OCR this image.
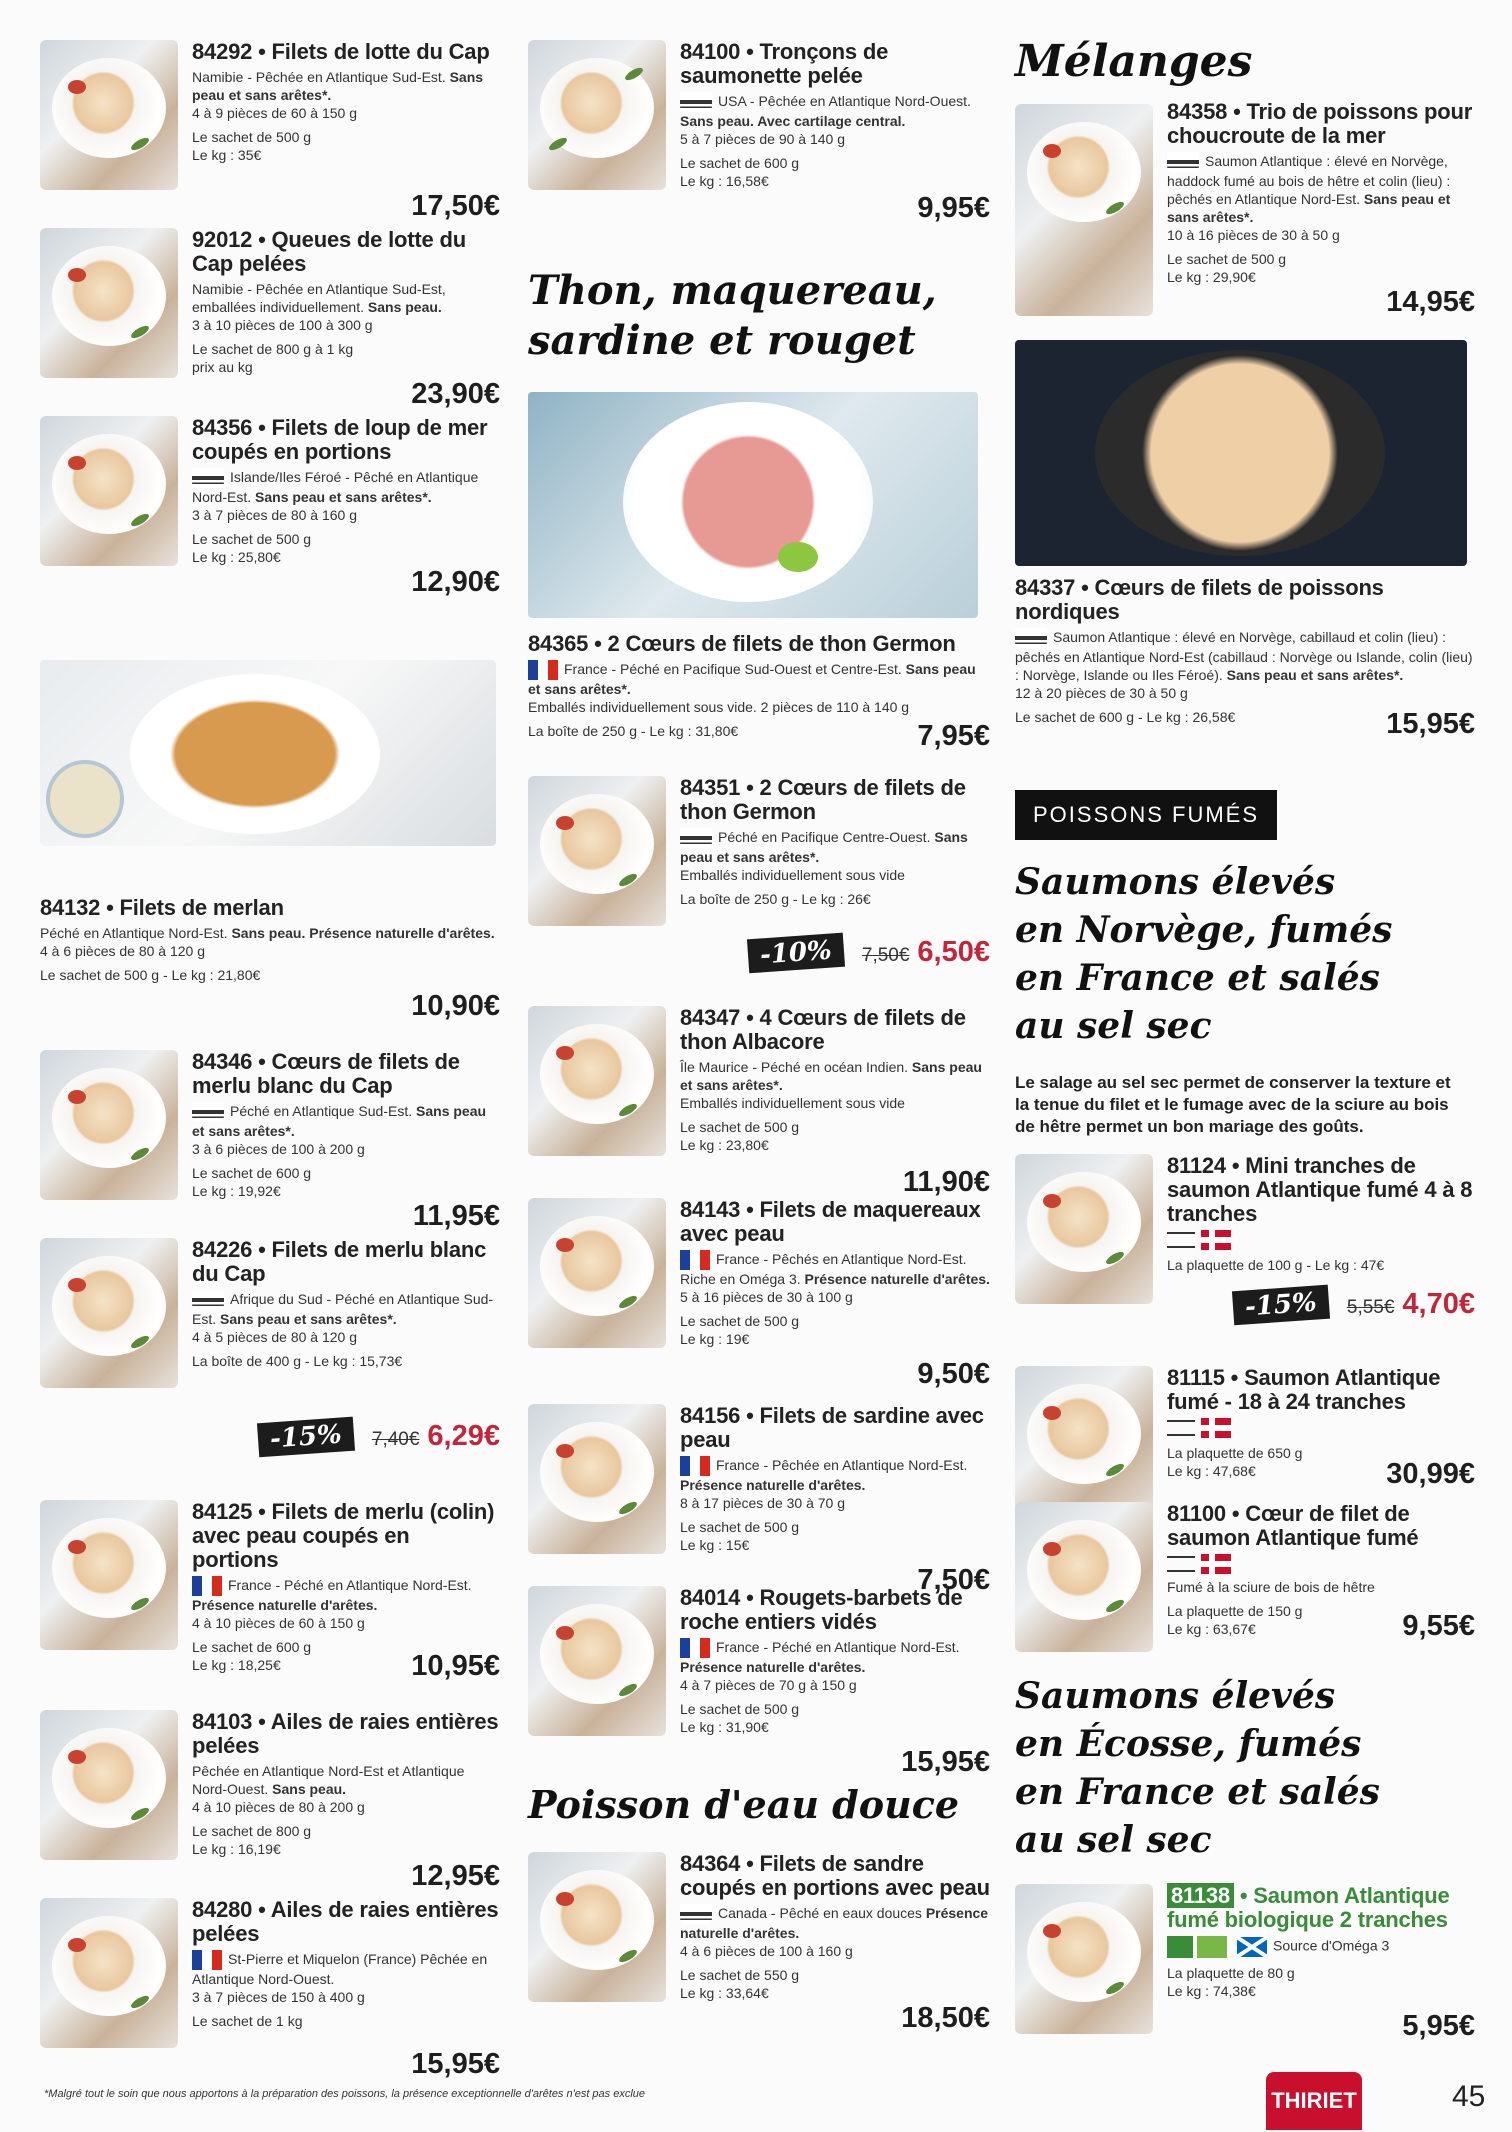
84292 • Filets de lotte du Cap
Namibie - Pêchée en Atlantique Sud-Est. Sans peau et sans arêtes*.
4 à 9 pièces de 60 à 150 g
Le sachet de 500 g
Le kg : 35€
17,50€
92012 • Queues de lotte du Cap pelées
Namibie - Pêchée en Atlantique Sud-Est, emballées individuellement. Sans peau.
3 à 10 pièces de 100 à 300 g
Le sachet de 800 g à 1 kg
prix au kg
23,90€
84356 • Filets de loup de mer coupés en portions
Islande/Iles Féroé - Pêché en Atlantique Nord-Est. Sans peau et sans arêtes*.
3 à 7 pièces de 80 à 160 g
Le sachet de 500 g
Le kg : 25,80€
12,90€
84346 • Cœurs de filets de merlu blanc du Cap
Péché en Atlantique Sud-Est. Sans peau et sans arêtes*.
3 à 6 pièces de 100 à 200 g
Le sachet de 600 g
Le kg : 19,92€
11,95€
84226 • Filets de merlu blanc du Cap
Afrique du Sud - Péché en Atlantique Sud-Est. Sans peau et sans arêtes*.
4 à 5 pièces de 80 à 120 g
La boîte de 400 g - Le kg : 15,73€
-15% 7,40€ 6,29€
84125 • Filets de merlu (colin) avec peau coupés en portions
France - Péché en Atlantique Nord-Est. Présence naturelle d'arêtes.
4 à 10 pièces de 60 à 150 g
Le sachet de 600 g
Le kg : 18,25€	10,95€
84103 • Ailes de raies entières pelées
Pêchée en Atlantique Nord-Est et Atlantique Nord-Ouest. Sans peau.
4 à 10 pièces de 80 à 200 g
Le sachet de 800 g
Le kg : 16,19€
12,95€
84280 • Ailes de raies entières pelées
St-Pierre et Miquelon (France) Pêchée en Atlantique Nord-Ouest.
3 à 7 pièces de 150 à 400 g
Le sachet de 1 kg
15,95€
84132 • Filets de merlan
Péché en Atlantique Nord-Est. Sans peau. Présence naturelle d'arêtes.
4 à 6 pièces de 80 à 120 g
Le sachet de 500 g - Le kg : 21,80€
10,90€
84100 • Tronçons de saumonette pelée
USA - Pêchée en Atlantique Nord-Ouest. Sans peau. Avec cartilage central.
5 à 7 pièces de 90 à 140 g
Le sachet de 600 g
Le kg : 16,58€
9,95€
Thon, maquereau, sardine et rouget
84365 • 2 Cœurs de filets de thon Germon
France - Péché en Pacifique Sud-Ouest et Centre-Est. Sans peau et sans arêtes*.
Emballés individuellement sous vide. 2 pièces de 110 à 140 g
La boîte de 250 g - Le kg : 31,80€	7,95€
84351 • 2 Cœurs de filets de thon Germon
Péché en Pacifique Centre-Ouest. Sans peau et sans arêtes*.
Emballés individuellement sous vide
La boîte de 250 g - Le kg : 26€
-10% 7,50€ 6,50€
84347 • 4 Cœurs de filets de thon Albacore
Île Maurice - Péché en océan Indien. Sans peau et sans arêtes*.
Emballés individuellement sous vide
Le sachet de 500 g
Le kg : 23,80€
11,90€
84143 • Filets de maquereaux avec peau
France - Pêchés en Atlantique Nord-Est. Riche en Oméga 3. Présence naturelle d'arêtes.
5 à 16 pièces de 30 à 100 g
Le sachet de 500 g
Le kg : 19€
9,50€
84156 • Filets de sardine avec peau
France - Pêchée en Atlantique Nord-Est. Présence naturelle d'arêtes.
8 à 17 pièces de 30 à 70 g
Le sachet de 500 g
Le kg : 15€
7,50€
84014 • Rougets-barbets de roche entiers vidés
France - Péché en Atlantique Nord-Est. Présence naturelle d'arêtes.
4 à 7 pièces de 70 g à 150 g
Le sachet de 500 g
Le kg : 31,90€
15,95€
Poisson d'eau douce
84364 • Filets de sandre coupés en portions avec peau
Canada - Pêché en eaux douces Présence naturelle d'arêtes.
4 à 6 pièces de 100 à 160 g
Le sachet de 550 g
Le kg : 33,64€
18,50€
Mélanges
84358 • Trio de poissons pour choucroute de la mer
Saumon Atlantique : élevé en Norvège, haddock fumé au bois de hêtre et colin (lieu) : pêchés en Atlantique Nord-Est. Sans peau et sans arêtes*.
10 à 16 pièces de 30 à 50 g
Le sachet de 500 g
Le kg : 29,90€
14,95€
84337 • Cœurs de filets de poissons nordiques
Saumon Atlantique : élevé en Norvège, cabillaud et colin (lieu) : pêchés en Atlantique Nord-Est (cabillaud : Norvège ou Islande, colin (lieu) : Norvège, Islande ou Iles Féroé). Sans peau et sans arêtes*.
12 à 20 pièces de 30 à 50 g
Le sachet de 600 g - Le kg : 26,58€	15,95€
POISSONS FUMÉS
Saumons élevés
en Norvège, fumés
en France et salés
au sel sec
Le salage au sel sec permet de conserver la texture et la tenue du filet et le fumage avec de la sciure au bois de hêtre permet un bon mariage des goûts.
81124 • Mini tranches de saumon Atlantique fumé 4 à 8 tranches
La plaquette de 100 g - Le kg : 47€
-15% 5,55€ 4,70€
81115 • Saumon Atlantique fumé - 18 à 24 tranches
La plaquette de 650 g
Le kg : 47,68€	30,99€
81100 • Cœur de filet de saumon Atlantique fumé
Fumé à la sciure de bois de hêtre
La plaquette de 150 g
Le kg : 63,67€	9,55€
Saumons élevés
en Écosse, fumés
en France et salés
au sel sec
81138 • Saumon Atlantique fumé biologique 2 tranches
Source d'Oméga 3
La plaquette de 80 g
Le kg : 74,38€
5,95€
*Malgré tout le soin que nous apportons à la préparation des poissons, la présence exceptionnelle d'arêtes n'est pas exclue	THIRIET	45
